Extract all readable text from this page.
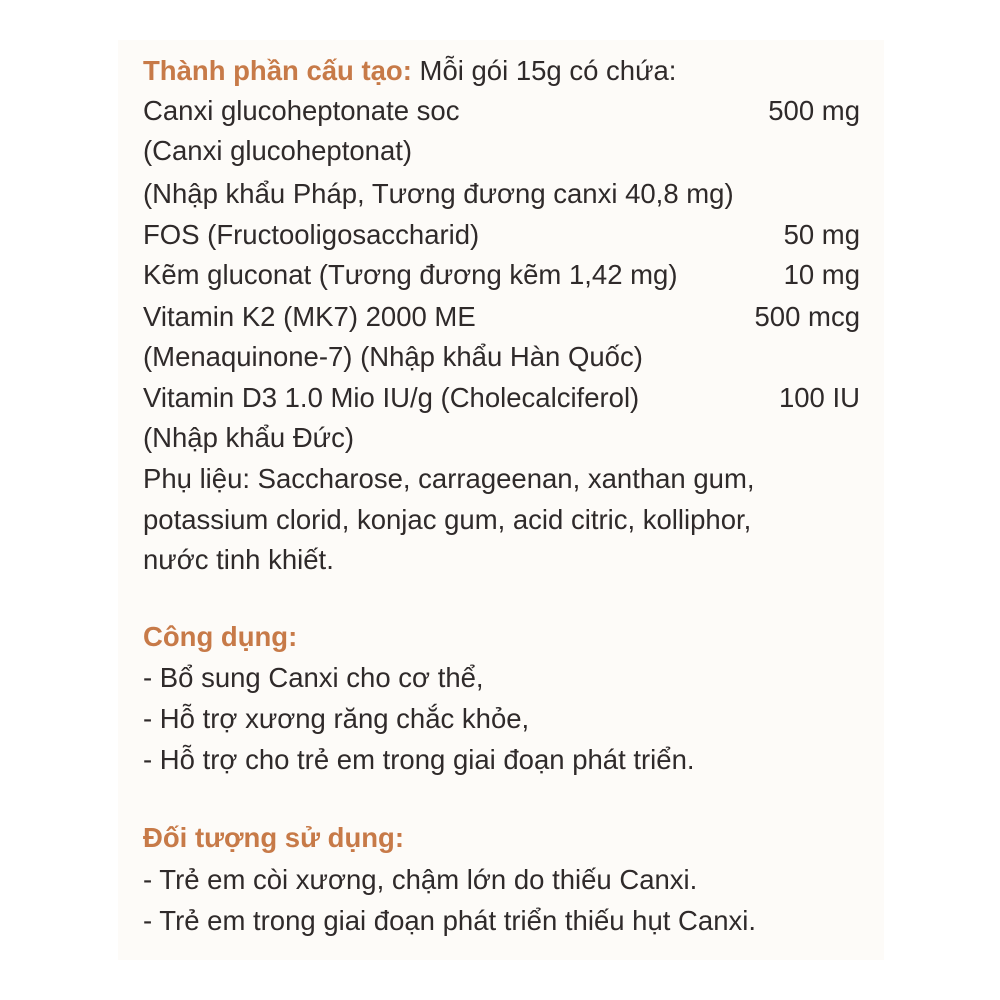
Thành phần cấu tạo: Mỗi gói 15g có chứa:
Canxi glucoheptonate soc	500 mg
(Canxi glucoheptonat)
(Nhập khẩu Pháp, Tương đương canxi 40,8 mg)
FOS (Fructooligosaccharid)	50 mg
Kẽm gluconat (Tương đương kẽm 1,42 mg)	10 mg
Vitamin K2 (MK7) 2000 ME	500 mcg
(Menaquinone-7) (Nhập khẩu Hàn Quốc)
Vitamin D3 1.0 Mio IU/g (Cholecalciferol)	100 IU
(Nhập khẩu Đức)
Phụ liệu: Saccharose, carrageenan, xanthan gum,
potassium clorid, konjac gum, acid citric, kolliphor,
nước tinh khiết.
Công dụng:
- Bổ sung Canxi cho cơ thể,
- Hỗ trợ xương răng chắc khỏe,
- Hỗ trợ cho trẻ em trong giai đoạn phát triển.
Đối tượng sử dụng:
- Trẻ em còi xương, chậm lớn do thiếu Canxi.
- Trẻ em trong giai đoạn phát triển thiếu hụt Canxi.
